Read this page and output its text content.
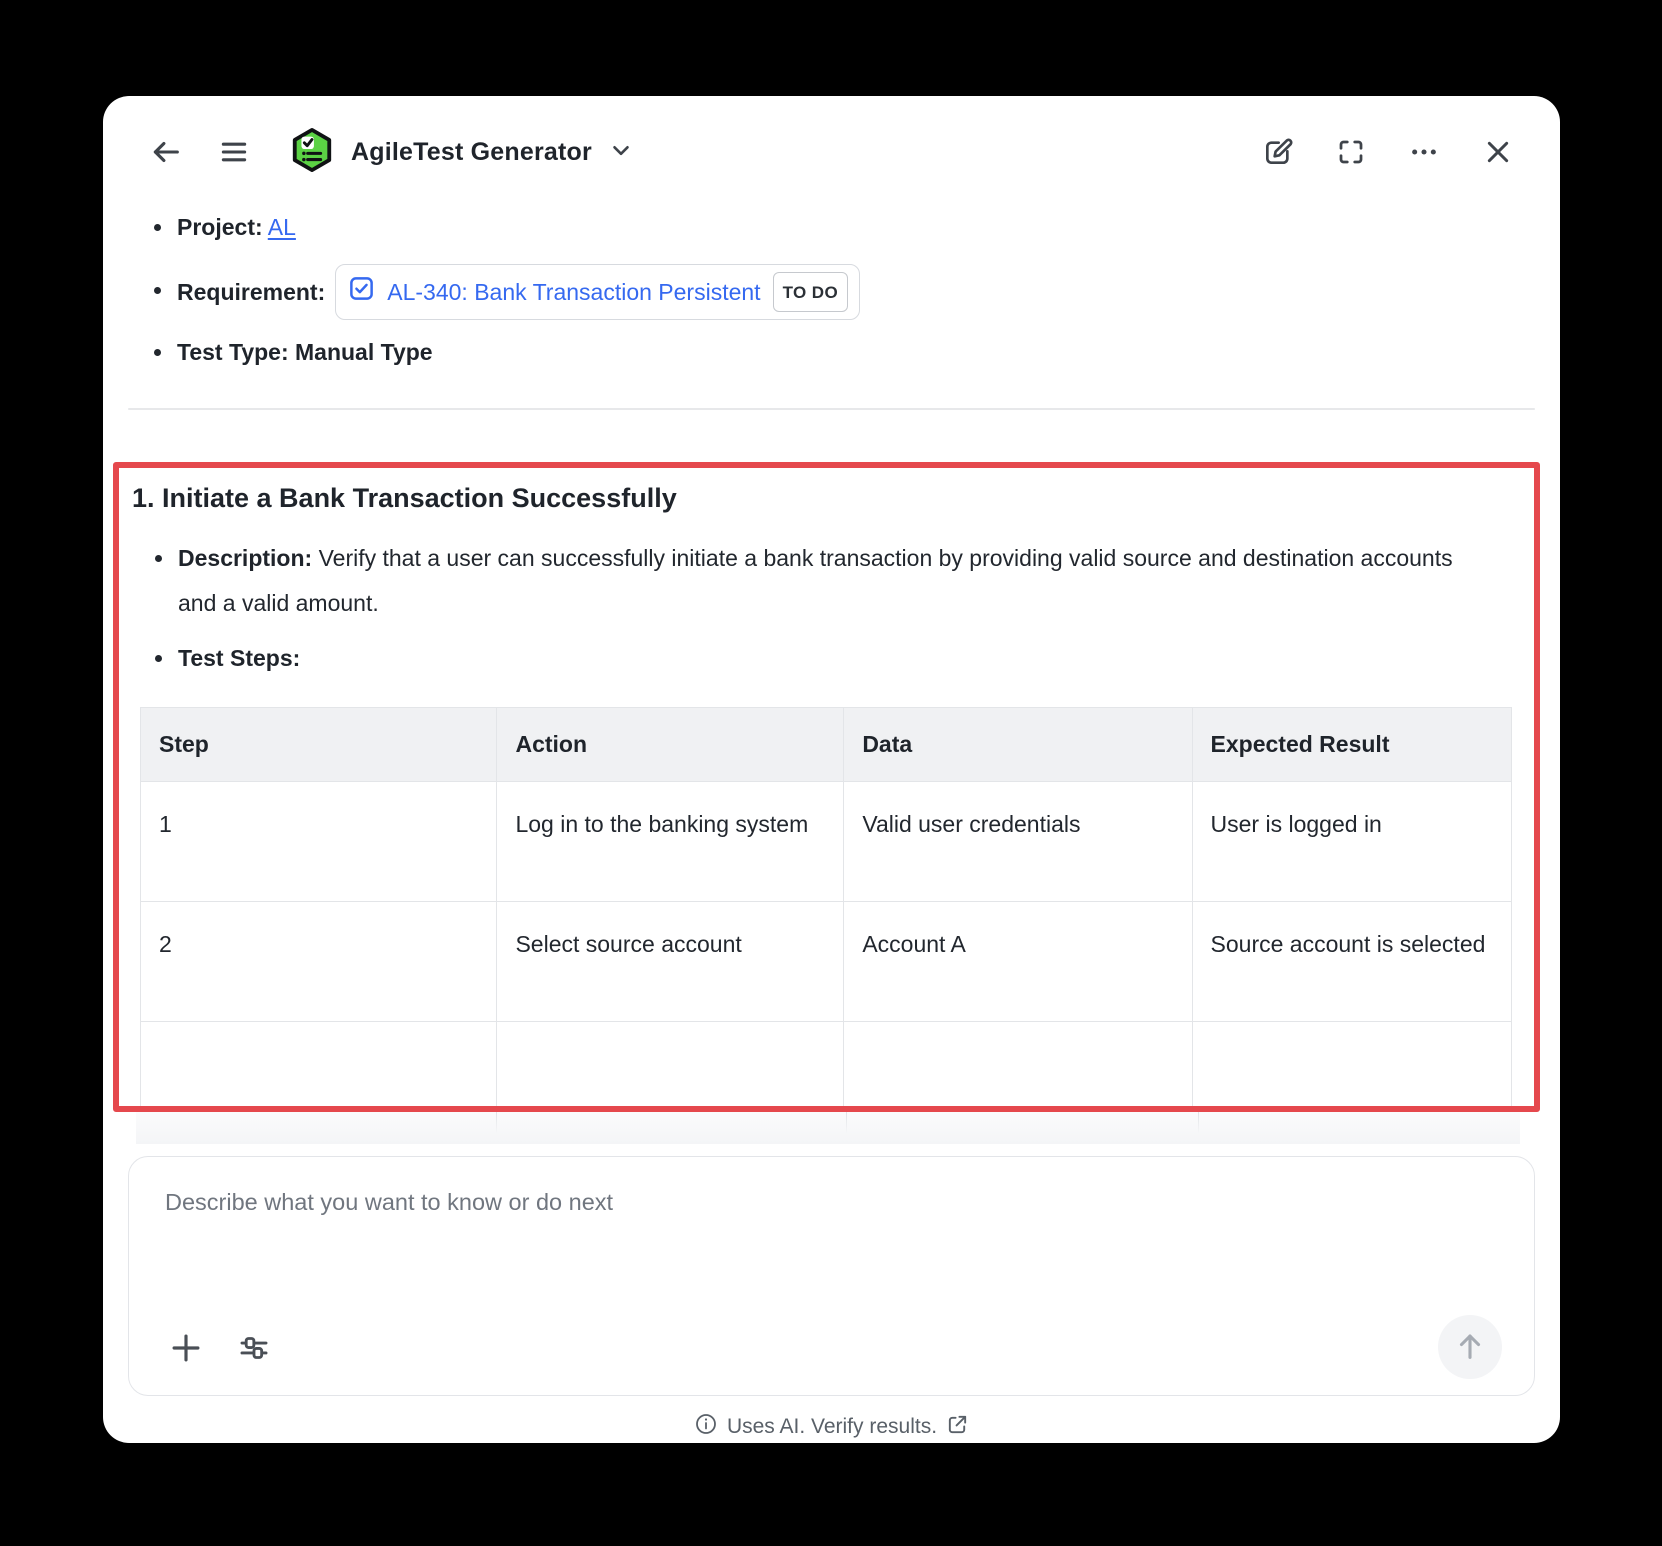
AgileTest Generator
• Project: AL
• Requirement:	AL-340: Bank Transaction Persistent	TO DO
• Test Type: Manual Type
1. Initiate a Bank Transaction Successfully
• Description: Verify that a user can successfully initiate a bank transaction by providing valid source and destination accounts and a valid amount.
• Test Steps:
Step	Action	Data	Expected Result
1	Log in to the banking system	Valid user credentials	User is logged in
2	Select source account	Account A	Source account is selected

Describe what you want to know or do next
Uses AI. Verify results.
